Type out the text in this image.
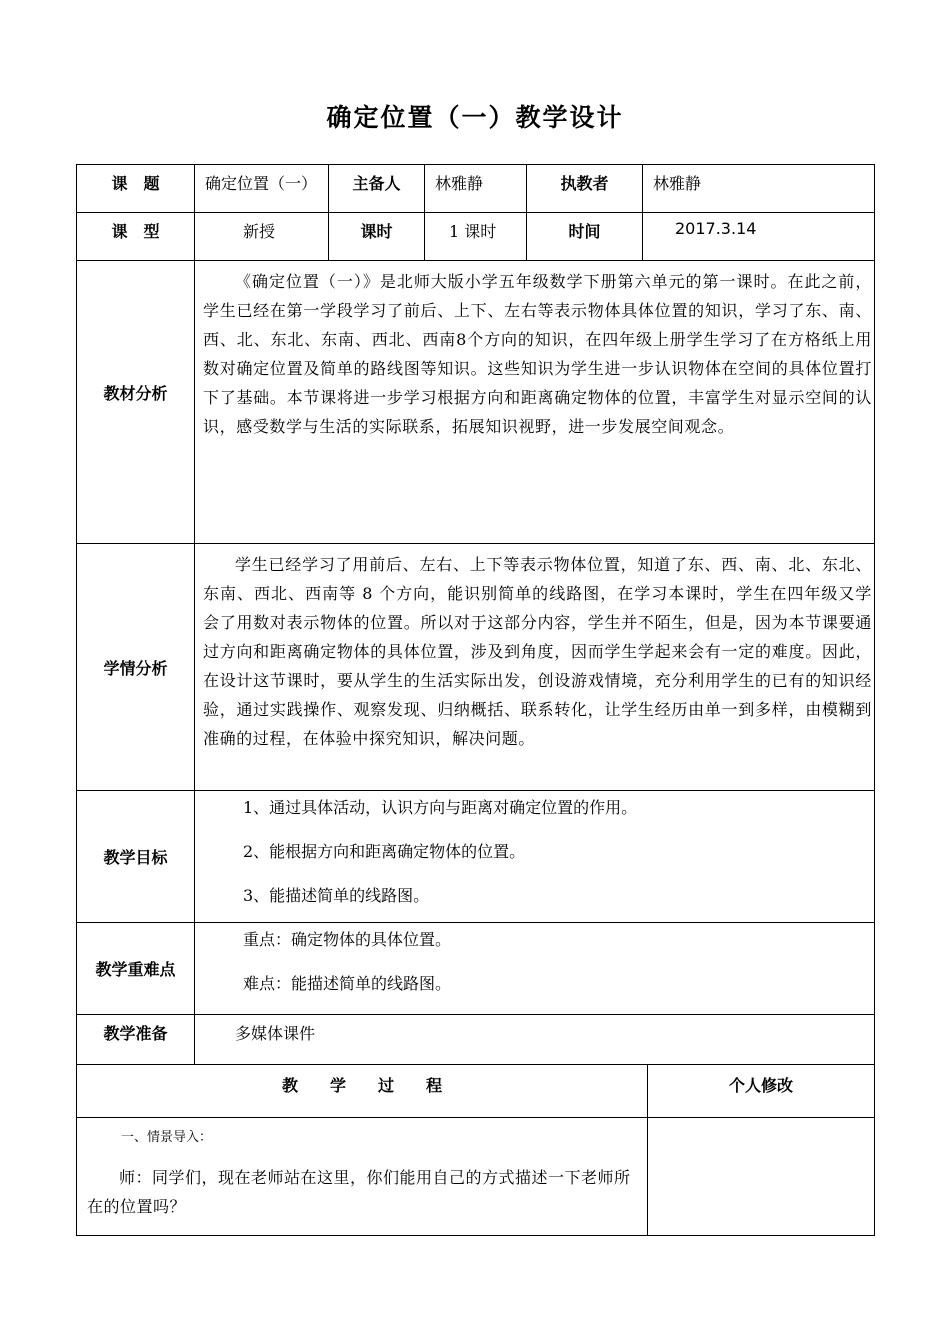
确定位置（一）教学设计
课　题	确定位置（一）	主备人	林雅静	执教者	林雅静
课　型	新授	课时	1 课时	时间	2017.3.14
教材分析	《确定位置（一）》是北师大版小学五年级数学下册第六单元的第一课时。在此之前，学生已经在第一学段学习了前后、上下、左右等表示物体具体位置的知识，学习了东、南、西、北、东北、东南、西北、西南8个方向的知识，在四年级上册学生学习了在方格纸上用数对确定位置及简单的路线图等知识。这些知识为学生进一步认识物体在空间的具体位置打下了基础。本节课将进一步学习根据方向和距离确定物体的位置，丰富学生对显示空间的认识，感受数学与生活的实际联系，拓展知识视野，进一步发展空间观念。				

学情分析	学生已经学习了用前后、左右、上下等表示物体位置，知道了东、西、南、北、东北、东南、西北、西南等 8 个方向，能识别简单的线路图，在学习本课时，学生在四年级又学会了用数对表示物体的位置。所以对于这部分内容，学生并不陌生，但是，因为本节课要通过方向和距离确定物体的具体位置，涉及到角度，因而学生学起来会有一定的难度。因此，在设计这节课时，要从学生的生活实际出发，创设游戏情境，充分利用学生的已有的知识经验，通过实践操作、观察发现、归纳概括、联系转化，让学生经历由单一到多样，由模糊到准确的过程，在体验中探究知识，解决问题。				

教学目标	1、通过具体活动，认识方向与距离对确定位置的作用。
2、能根据方向和距离确定物体的位置。
3、能描述简单的线路图。				

教学重难点	重点：确定物体的具体位置。
难点：能描述简单的线路图。				

教学准备	多媒体课件				
教　　学　　过　　程	个人修改

一、情景导入：
师：同学们，现在老师站在这里，你们能用自己的方式描述一下老师所在的位置吗？	
